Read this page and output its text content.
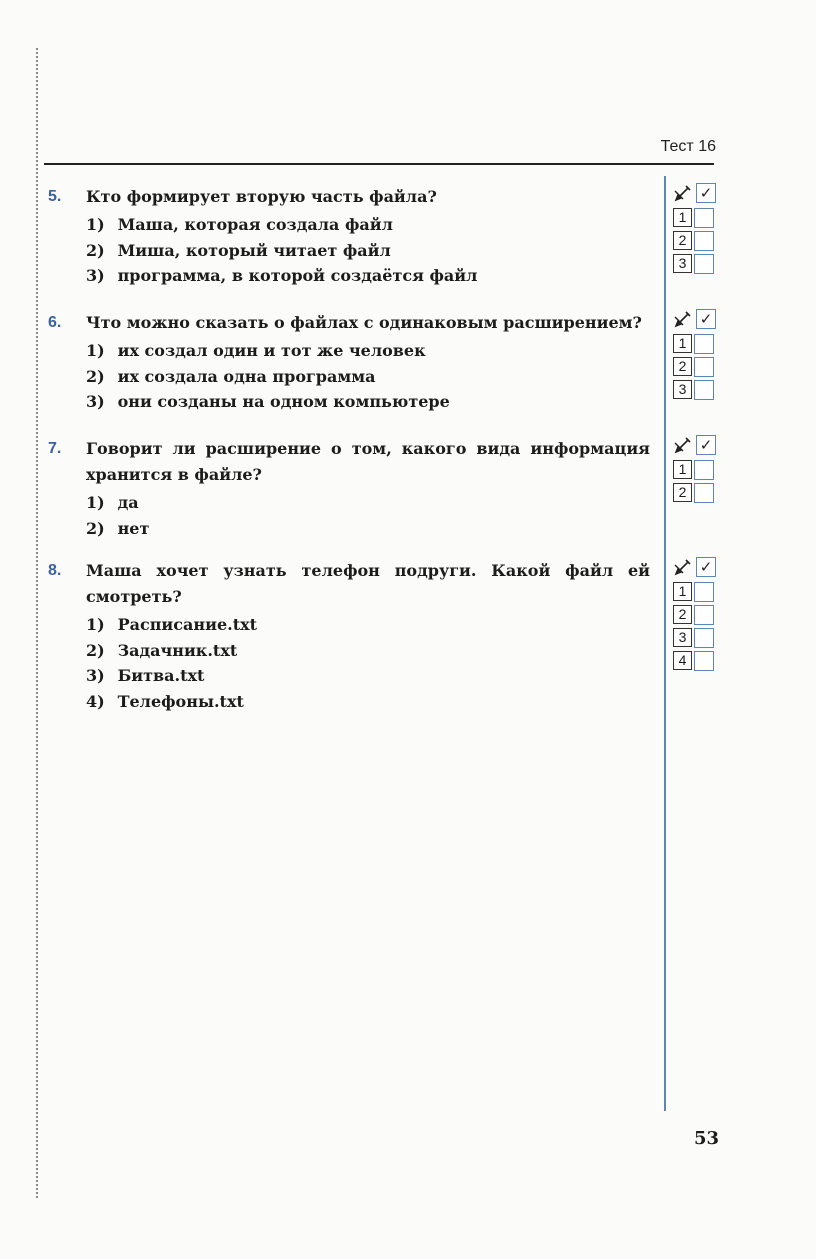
Тест 16
5.	Кто формирует вторую часть файла?
1) Маша, которая создала файл
2) Миша, который читает файл
3) программа, в которой создаётся файл
✓
1
2
3
6.	Что можно сказать о файлах с одинаковым расширением?
1) их создал один и тот же человек
2) их создала одна программа
3) они созданы на одном компьютере
✓
1
2
3
7.	Говорит ли расширение о том, какого вида информация хранится в файле?
1) да
2) нет
✓
1
2
8.	Маша хочет узнать телефон подруги. Какой файл ей смотреть?
1) Расписание.txt
2) Задачник.txt
3) Битва.txt
4) Телефоны.txt
✓
1
2
3
4
53
